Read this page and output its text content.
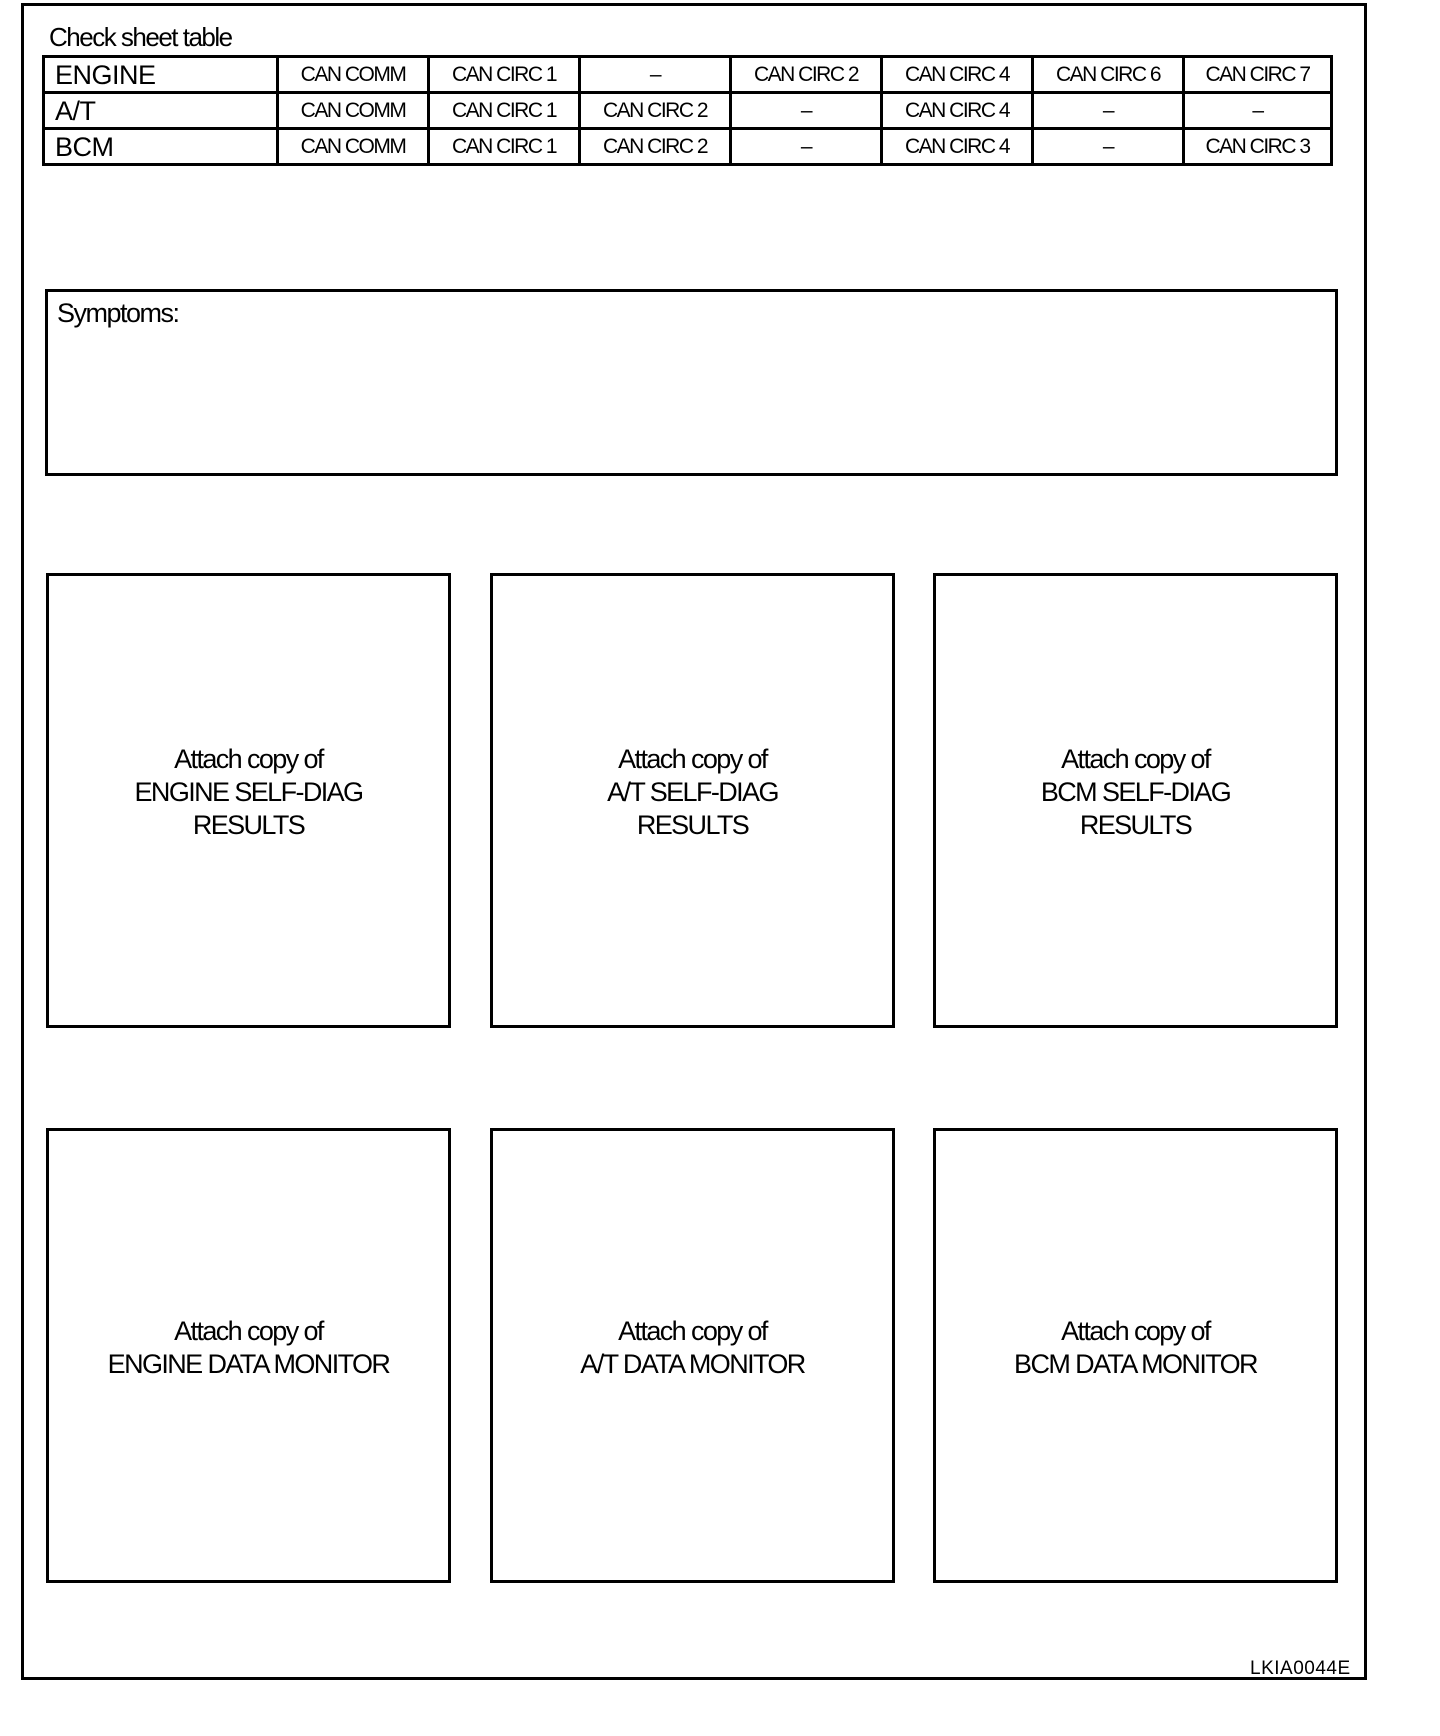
Check sheet table
ENGINE	CAN COMM	CAN CIRC 1	–	CAN CIRC 2	CAN CIRC 4	CAN CIRC 6	CAN CIRC 7
A/T	CAN COMM	CAN CIRC 1	CAN CIRC 2	–	CAN CIRC 4	–	–
BCM	CAN COMM	CAN CIRC 1	CAN CIRC 2	–	CAN CIRC 4	–	CAN CIRC 3
Symptoms:
Attach copy of
ENGINE SELF-DIAG
RESULTS
Attach copy of
A/T SELF-DIAG
RESULTS
Attach copy of
BCM SELF-DIAG
RESULTS
Attach copy of
ENGINE DATA MONITOR
Attach copy of
A/T DATA MONITOR
Attach copy of
BCM DATA MONITOR
LKIA0044E
